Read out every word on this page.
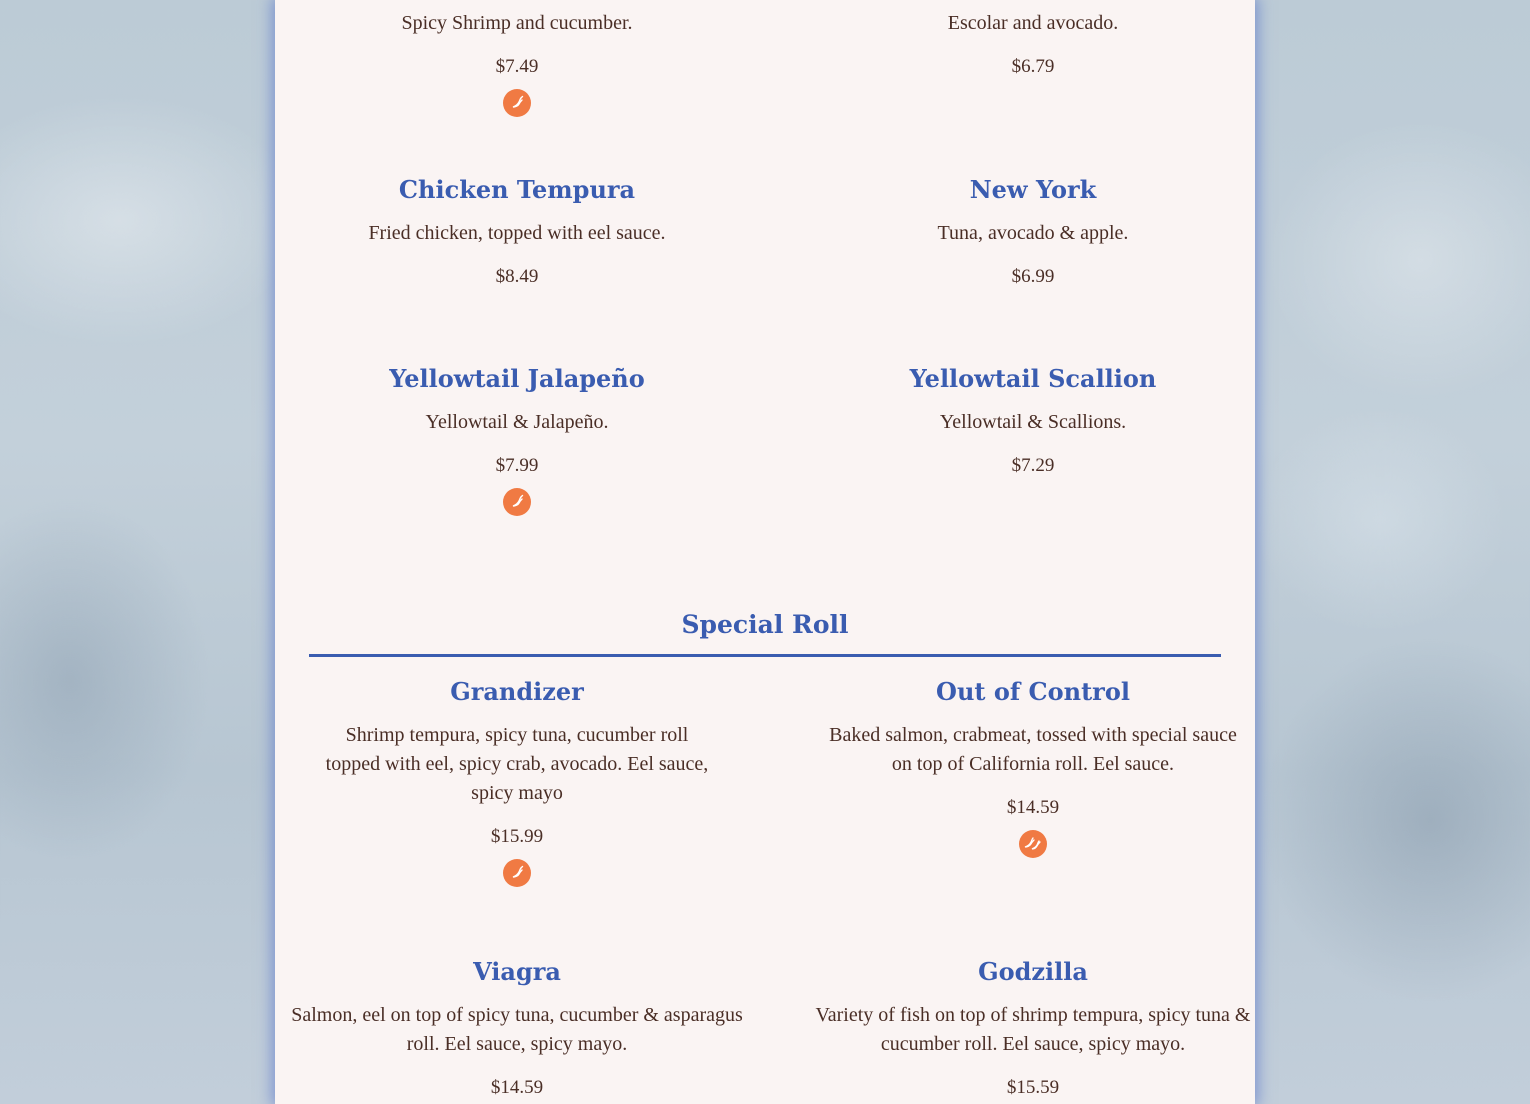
Spicy Shrimp and cucumber.
$7.49
Escolar and avocado.
$6.79
Chicken Tempura
Fried chicken, topped with eel sauce.
$8.49
New York
Tuna, avocado & apple.
$6.99
Yellowtail Jalapeño
Yellowtail & Jalapeño.
$7.99
Yellowtail Scallion
Yellowtail & Scallions.
$7.29
Special Roll
Grandizer
Shrimp tempura, spicy tuna, cucumber roll topped with eel, spicy crab, avocado. Eel sauce, spicy mayo
$15.99
Out of Control
Baked salmon, crabmeat, tossed with special sauce on top of California roll. Eel sauce.
$14.59
Viagra
Salmon, eel on top of spicy tuna, cucumber & asparagus roll. Eel sauce, spicy mayo.
$14.59
Godzilla
Variety of fish on top of shrimp tempura, spicy tuna & cucumber roll. Eel sauce, spicy mayo.
$15.59
